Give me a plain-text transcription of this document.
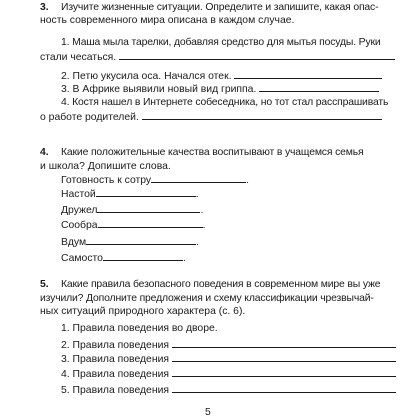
3. Изучите жизненные ситуации. Определите и запишите, какая опас-
ность современного мира описана в каждом случае.
1. Маша мыла тарелки, добавляя средство для мытья посуды. Руки
стали чесаться.
2. Петю укусила оса. Начался отек.
3. В Африке выявили новый вид гриппа.
4. Костя нашел в Интернете собеседника, но тот стал расспрашивать
о работе родителей.
4. Какие положительные качества воспитывают в учащемся семья
и школа? Допишите слова.
Готовность к сотру	.
Настой	.
Дружел	.
Сообра	.
Вдум	.
Самосто	.
5. Какие правила безопасного поведения в современном мире вы уже
изучили? Дополните предложения и схему классификации чрезвычай-
ных ситуаций природного характера (с. 6).
1. Правила поведения во дворе.
2. Правила поведения
3. Правила поведения
4. Правила поведения
5. Правила поведения
5
